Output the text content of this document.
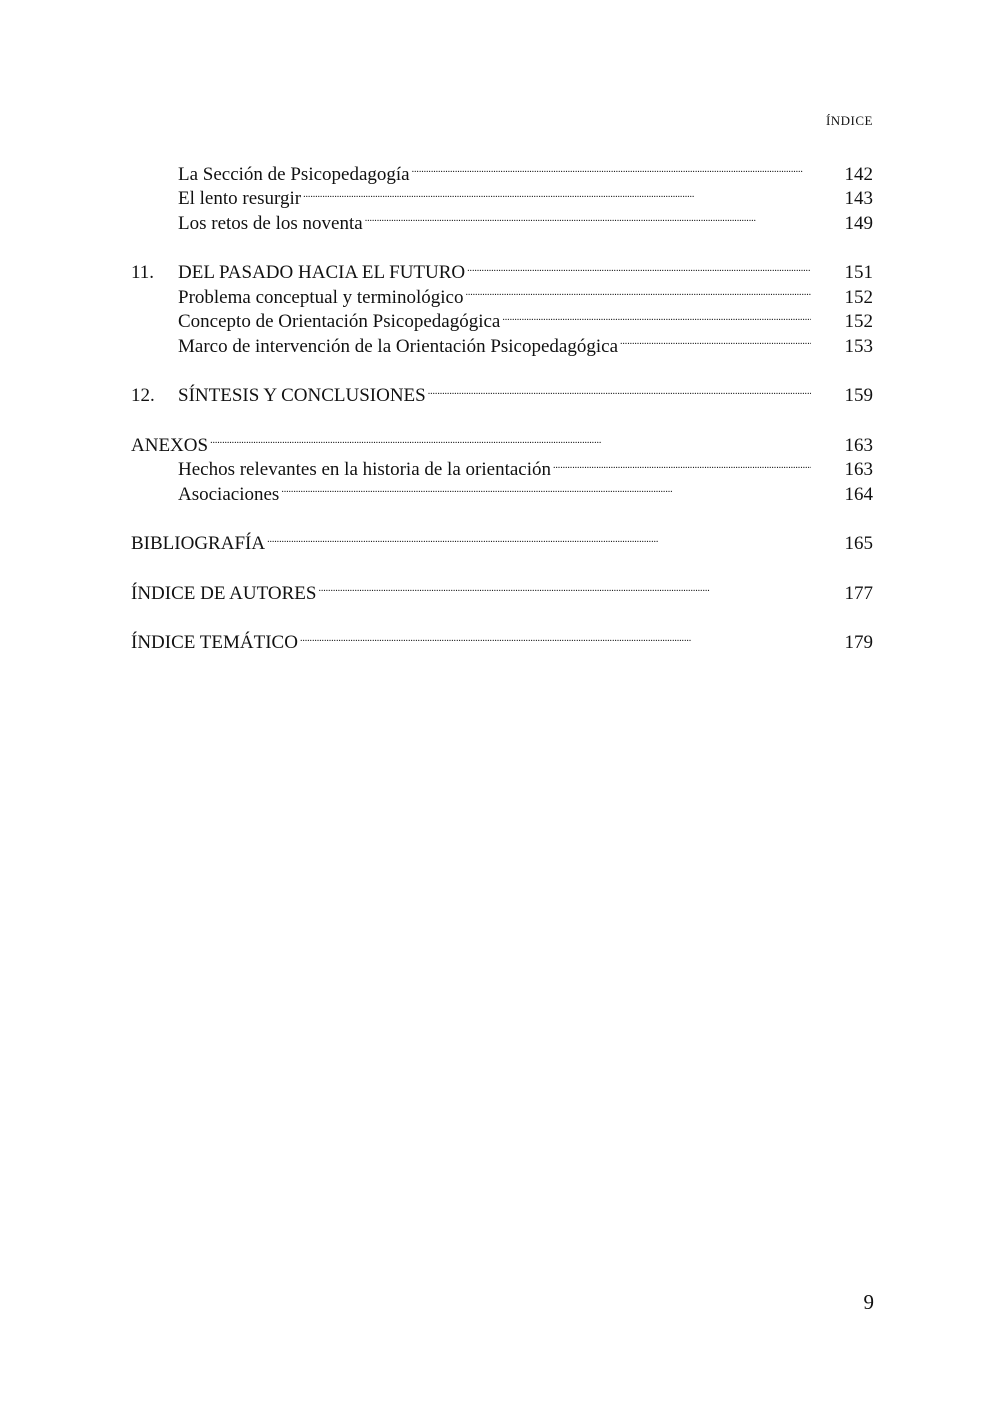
ÍNDICE
La Sección de Psicopedagogía . . .	142
El lento resurgir . . .	143
Los retos de los noventa . . .	149
11.	DEL PASADO HACIA EL FUTURO . . .	151
Problema conceptual y terminológico . . .	152
Concepto de Orientación Psicopedagógica . . .	152
Marco de intervención de la Orientación Psicopedagógica . . .	153
12.	SÍNTESIS Y CONCLUSIONES . . .	159
ANEXOS . . .	163
Hechos relevantes en la historia de la orientación . . .	163
Asociaciones . . .	164
BIBLIOGRAFÍA . . .	165
ÍNDICE DE AUTORES . . .	177
ÍNDICE TEMÁTICO . . .	179
9
